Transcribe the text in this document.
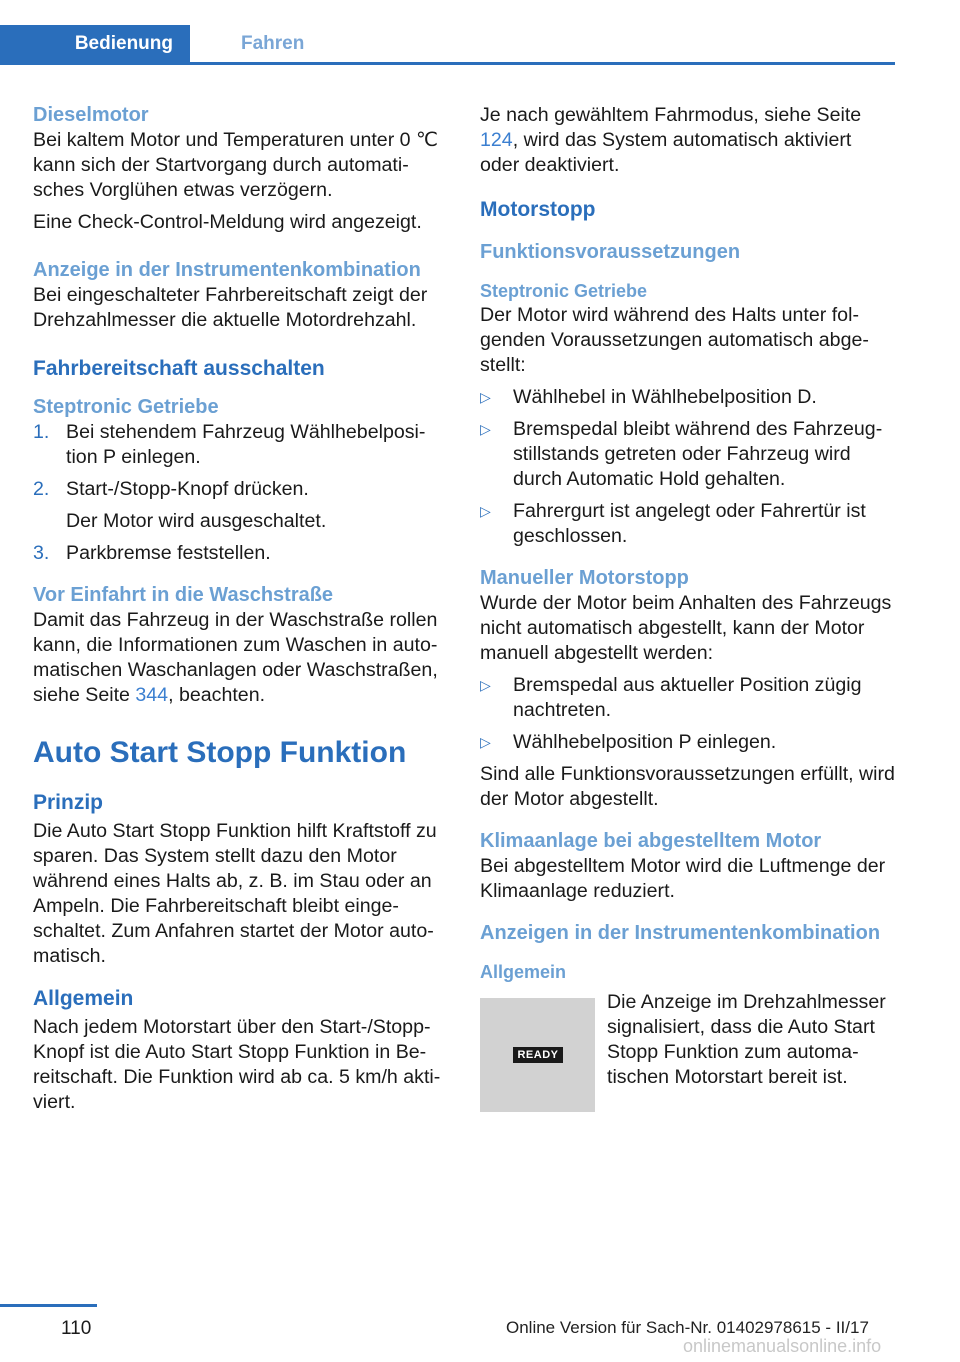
Bedienung	Fahren
Dieselmotor

Bei kaltem Motor und Temperaturen unter 0 ℃ kann sich der Startvorgang durch automatisches Vorglühen etwas verzögern.

Eine Check-Control-Meldung wird angezeigt.

Anzeige in der Instrumentenkombination

Bei eingeschalteter Fahrbereitschaft zeigt der Drehzahlmesser die aktuelle Motordrehzahl.

Fahrbereitschaft ausschalten
Steptronic Getriebe
1. Bei stehendem Fahrzeug Wählhebelposition P einlegen.
2. Start-/Stopp-Knopf drücken.
Der Motor wird ausgeschaltet.
3. Parkbremse feststellen.
Vor Einfahrt in die Waschstraße

Damit das Fahrzeug in der Waschstraße rollen kann, die Informationen zum Waschen in automatischen Waschanlagen oder Waschstraßen, siehe Seite 344, beachten.

Auto Start Stopp Funktion
Prinzip

Die Auto Start Stopp Funktion hilft Kraftstoff zu sparen. Das System stellt dazu den Motor während eines Halts ab, z. B. im Stau oder an Ampeln. Die Fahrbereitschaft bleibt eingeschaltet. Zum Anfahren startet der Motor automatisch.

Allgemein

Nach jedem Motorstart über den Start-/Stopp-Knopf ist die Auto Start Stopp Funktion in Bereitschaft. Die Funktion wird ab ca. 5 km/h aktiviert.

Je nach gewähltem Fahrmodus, siehe Seite 124, wird das System automatisch aktiviert oder deaktiviert.

Motorstopp
Funktionsvoraussetzungen
Steptronic Getriebe

Der Motor wird während des Halts unter folgenden Voraussetzungen automatisch abgestellt:

▷ Wählhebel in Wählhebelposition D.
▷ Bremspedal bleibt während des Fahrzeugstillstands getreten oder Fahrzeug wird durch Automatic Hold gehalten.
▷ Fahrergurt ist angelegt oder Fahrertür ist geschlossen.
Manueller Motorstopp

Wurde der Motor beim Anhalten des Fahrzeugs nicht automatisch abgestellt, kann der Motor manuell abgestellt werden:

▷ Bremspedal aus aktueller Position zügig nachtreten.
▷ Wählhebelposition P einlegen.

Sind alle Funktionsvoraussetzungen erfüllt, wird der Motor abgestellt.

Klimaanlage bei abgestelltem Motor

Bei abgestelltem Motor wird die Luftmenge der Klimaanlage reduziert.

Anzeigen in der Instrumentenkombination
Allgemein
READY
Die Anzeige im Drehzahlmesser signalisiert, dass die Auto Start Stopp Funktion zum automatischen Motorstart bereit ist.
110	Online Version für Sach-Nr. 01402978615 - II/17
onlinemanualsonline.info
